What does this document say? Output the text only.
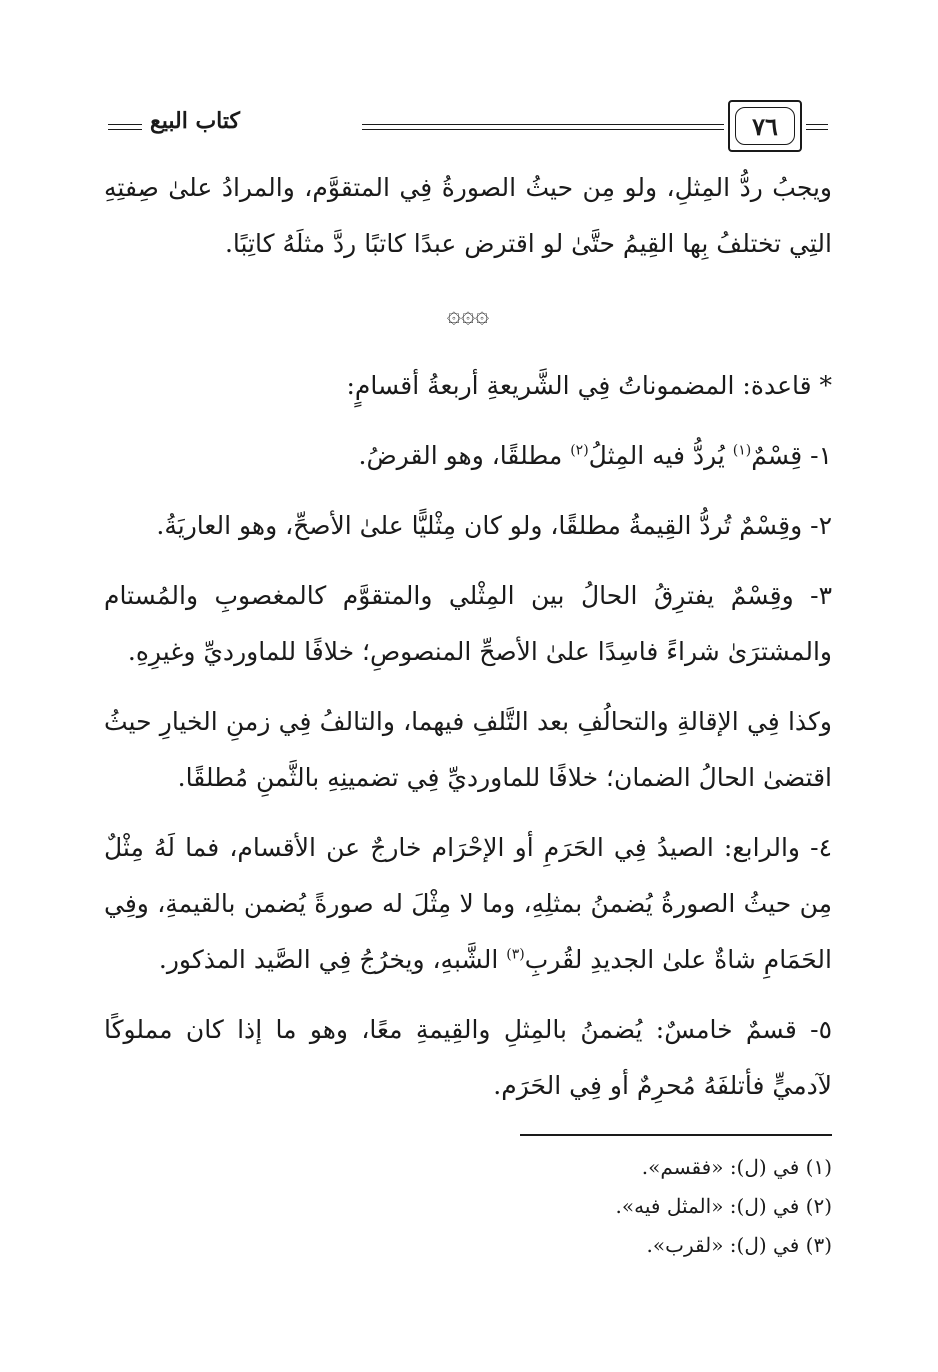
٧٦
كتاب البيع

ويجبُ ردُّ المِثلِ، ولو مِن حيثُ الصورةُ فِي المتقوَّم، والمرادُ علىٰ صِفتِهِ التِي تختلفُ بِها القِيمُ حتَّىٰ لو اقترض عبدًا كاتبًا ردَّ مثلَهُ كاتِبًا.

۞۞۞

* قاعدة: المضموناتُ فِي الشَّريعةِ أربعةُ أقسامٍ:

١- قِسْمٌ$^{(١)}$ يُردُّ فيه المِثلُ$^{(٢)}$ مطلقًا، وهو القرضُ.

٢- وقِسْمٌ تُردُّ القِيمةُ مطلقًا، ولو كان مِثْليًّا علىٰ الأصحِّ، وهو العاريَةُ.

٣- وقِسْمٌ يفترِقُ الحالُ بين المِثْلي والمتقوَّم كالمغصوبِ والمُستام والمشترَىٰ شراءً فاسِدًا علىٰ الأصحِّ المنصوصِ؛ خلافًا للماورديِّ وغيرِهِ.

وكذا فِي الإقالةِ والتحالُفِ بعد التَّلفِ فيهما، والتالفُ فِي زمنِ الخيارِ حيثُ اقتضىٰ الحالُ الضمان؛ خلافًا للماورديِّ فِي تضمينِهِ بالثَّمنِ مُطلقًا.

٤- والرابع: الصيدُ فِي الحَرَمِ أو الإحْرَام خارجٌ عن الأقسام، فما لَهُ مِثْلٌ مِن حيثُ الصورةُ يُضمنُ بمثلِهِ، وما لا مِثْلَ له صورةً يُضمن بالقيمةِ، وفِي الحَمَامِ شاةٌ علىٰ الجديدِ لقُربِ$^{(٣)}$ الشَّبهِ، ويخرُجُ فِي الصَّيد المذكور.

٥- قسمٌ خامسٌ: يُضمنُ بالمِثلِ والقِيمةِ معًا، وهو ما إذا كان مملوكًا لآدميٍّ فأتلفَهُ مُحرِمٌ أو فِي الحَرَم.

(١) في (ل): «فقسم».
(٢) في (ل): «المثل فيه».
(٣) في (ل): «لقرب».
